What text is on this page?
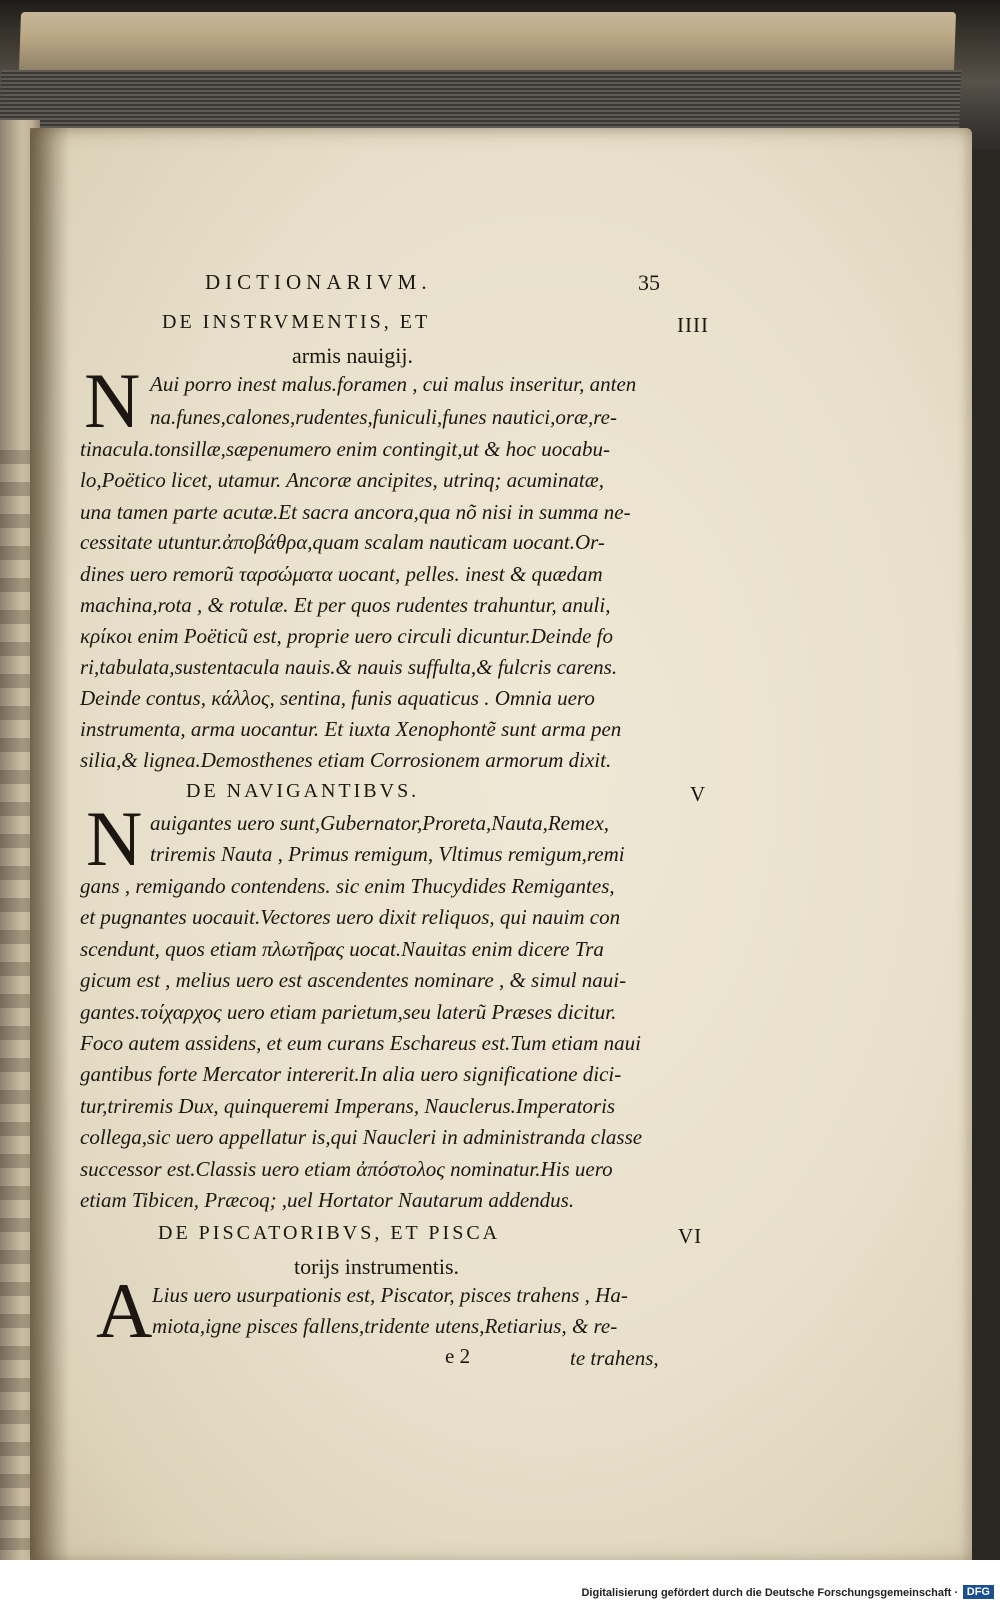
DICTIONARIVM.	35
DE INSTRVMENTIS, ET	IIII
armis nauigij.
N Aui porro inest malus.foramen , cui malus inseritur, anten
na.funes,calones,rudentes,funiculi,funes nautici,oræ,re-
tinacula.tonsillæ,sæpenumero enim contingit,ut & hoc uocabu-
lo,Poëtico licet, utamur. Ancoræ ancipites, utrinq; acuminatæ,
una tamen parte acutæ.Et sacra ancora,qua nõ nisi in summa ne-
cessitate utuntur.ἀποβάθρα,quam scalam nauticam uocant.Or-
dines uero remorũ ταρσώματα uocant, pelles. inest & quædam
machina,rota , & rotulæ. Et per quos rudentes trahuntur, anuli,
κρίκοι enim Poëticũ est, proprie uero circuli dicuntur.Deinde fo
ri,tabulata,sustentacula nauis.& nauis suffulta,& fulcris carens.
Deinde contus, κάλλος, sentina, funis aquaticus . Omnia uero
instrumenta, arma uocantur. Et iuxta Xenophontẽ sunt arma pen
silia,& lignea.Demosthenes etiam Corrosionem armorum dixit.
DE NAVIGANTIBVS.	V
N auigantes uero sunt,Gubernator,Proreta,Nauta,Remex,
triremis Nauta , Primus remigum, Vltimus remigum,remi
gans , remigando contendens. sic enim Thucydides Remigantes,
et pugnantes uocauit.Vectores uero dixit reliquos, qui nauim con
scendunt, quos etiam πλωτῆρας uocat.Nauitas enim dicere Tra
gicum est , melius uero est ascendentes nominare , & simul naui-
gantes.τοίχαρχος uero etiam parietum,seu laterũ Præses dicitur.
Foco autem assidens, et eum curans Eschareus est.Tum etiam naui
gantibus forte Mercator intererit.In alia uero significatione dici-
tur,triremis Dux, quinqueremi Imperans, Nauclerus.Imperatoris
collega,sic uero appellatur is,qui Naucleri in administranda classe
successor est.Classis uero etiam ἀπόστολος nominatur.His uero
etiam Tibicen, Præcoq; ,uel Hortator Nautarum addendus.
DE PISCATORIBVS, ET PISCA	VI
torijs instrumentis.
A Lius uero usurpationis est, Piscator, pisces trahens , Ha-
miota,igne pisces fallens,tridente utens,Retiarius, & re-
e 2	te trahens,
Digitalisierung gefördert durch die Deutsche Forschungsgemeinschaft · DFG
